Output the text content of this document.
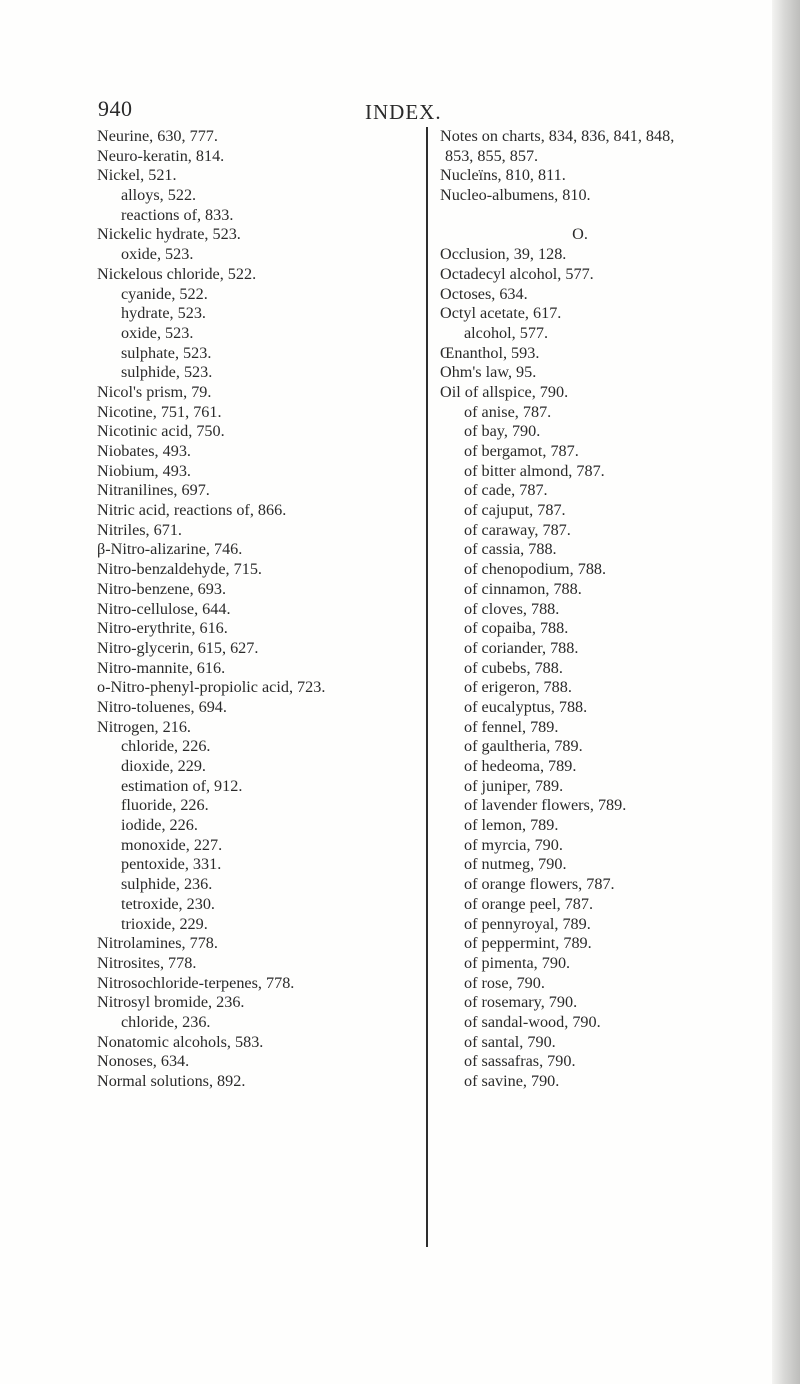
940	INDEX.
Neurine, 630, 777.
Neuro-keratin, 814.
Nickel, 521.
alloys, 522.
reactions of, 833.
Nickelic hydrate, 523.
oxide, 523.
Nickelous chloride, 522.
cyanide, 522.
hydrate, 523.
oxide, 523.
sulphate, 523.
sulphide, 523.
Nicol's prism, 79.
Nicotine, 751, 761.
Nicotinic acid, 750.
Niobates, 493.
Niobium, 493.
Nitranilines, 697.
Nitric acid, reactions of, 866.
Nitriles, 671.
β-Nitro-alizarine, 746.
Nitro-benzaldehyde, 715.
Nitro-benzene, 693.
Nitro-cellulose, 644.
Nitro-erythrite, 616.
Nitro-glycerin, 615, 627.
Nitro-mannite, 616.
o-Nitro-phenyl-propiolic acid, 723.
Nitro-toluenes, 694.
Nitrogen, 216.
chloride, 226.
dioxide, 229.
estimation of, 912.
fluoride, 226.
iodide, 226.
monoxide, 227.
pentoxide, 331.
sulphide, 236.
tetroxide, 230.
trioxide, 229.
Nitrolamines, 778.
Nitrosites, 778.
Nitrosochloride-terpenes, 778.
Nitrosyl bromide, 236.
chloride, 236.
Nonatomic alcohols, 583.
Nonoses, 634.
Normal solutions, 892.
Notes on charts, 834, 836, 841, 848,
853, 855, 857.
Nucleïns, 810, 811.
Nucleo-albumens, 810.
O.
Occlusion, 39, 128.
Octadecyl alcohol, 577.
Octoses, 634.
Octyl acetate, 617.
alcohol, 577.
Œnanthol, 593.
Ohm's law, 95.
Oil of allspice, 790.
of anise, 787.
of bay, 790.
of bergamot, 787.
of bitter almond, 787.
of cade, 787.
of cajuput, 787.
of caraway, 787.
of cassia, 788.
of chenopodium, 788.
of cinnamon, 788.
of cloves, 788.
of copaiba, 788.
of coriander, 788.
of cubebs, 788.
of erigeron, 788.
of eucalyptus, 788.
of fennel, 789.
of gaultheria, 789.
of hedeoma, 789.
of juniper, 789.
of lavender flowers, 789.
of lemon, 789.
of myrcia, 790.
of nutmeg, 790.
of orange flowers, 787.
of orange peel, 787.
of pennyroyal, 789.
of peppermint, 789.
of pimenta, 790.
of rose, 790.
of rosemary, 790.
of sandal-wood, 790.
of santal, 790.
of sassafras, 790.
of savine, 790.
